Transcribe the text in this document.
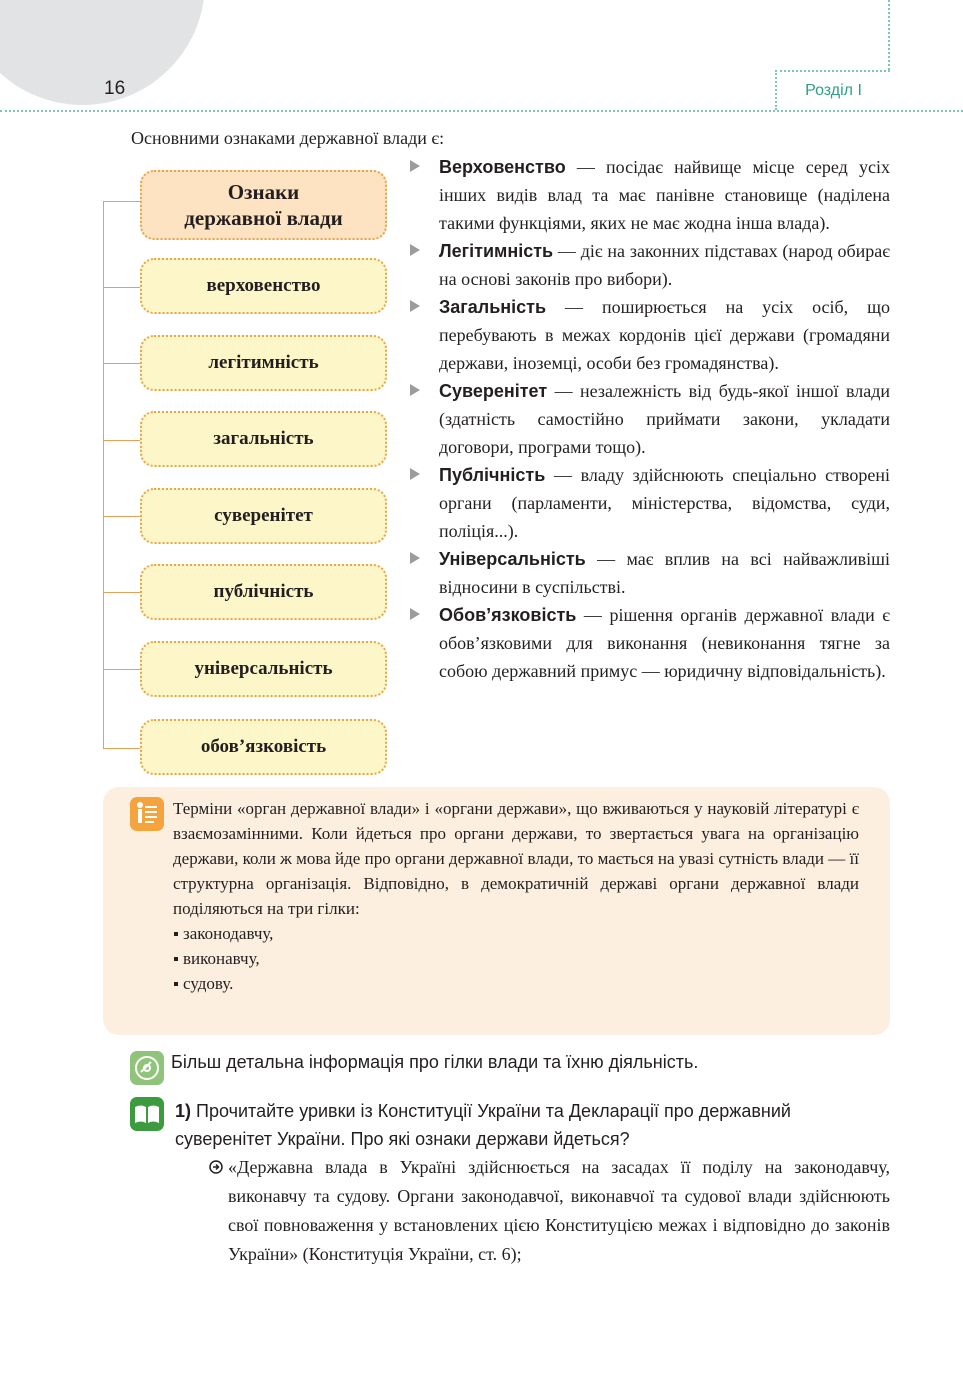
16	Розділ I
Основними ознаками державної влади є:
Ознаки
державної влади
верховенство
легітимність
загальність
суверенітет
публічність
універсальність
обов’язковість

Верховенство — посідає найвище місце серед усіх інших видів влад та має панівне становище (наділена такими функціями, яких не має жодна інша влада).

Легітимність — діє на законних підставах (народ обирає на основі законів про вибори).

Загальність — поширюється на усіх осіб, що перебувають в межах кордонів цієї держави (громадяни держави, іноземці, особи без громадянства).

Суверенітет — незалежність від будь-якої іншої влади (здатність самостійно приймати закони, укладати договори, програми тощо).

Публічність — владу здійснюють спеціально створені органи (парламенти, міністерства, відомства, суди, поліція...).

Універсальність — має вплив на всі найважливіші відносини в суспільстві.

Обов’язковість — рішення органів державної влади є обов’язковими для виконання (невиконання тягне за собою державний примус — юридичну відповідальність).

Терміни «орган державної влади» і «органи держави», що вживаються у науковій літературі є взаємозамінними. Коли йдеться про органи держави, то звертається увага на організацію держави, коли ж мова йде про органи державної влади, то мається на увазі сутність влади — її структурна організація. Відповідно, в демократичній державі органи державної влади поділяються на три гілки:

законодавчу,
виконавчу,
судову.
Більш детальна інформація про гілки влади та їхню діяльність.
1) Прочитайте уривки із Конституції України та Декларації про державний суверенітет України. Про які ознаки держави йдеться?
«Державна влада в Україні здійснюється на засадах її поділу на законодавчу, виконавчу та судову. Органи законодавчої, виконавчої та судової влади здійснюють свої повноваження у встановлених цією Конституцією межах і відповідно до законів України» (Конституція України, ст. 6);
